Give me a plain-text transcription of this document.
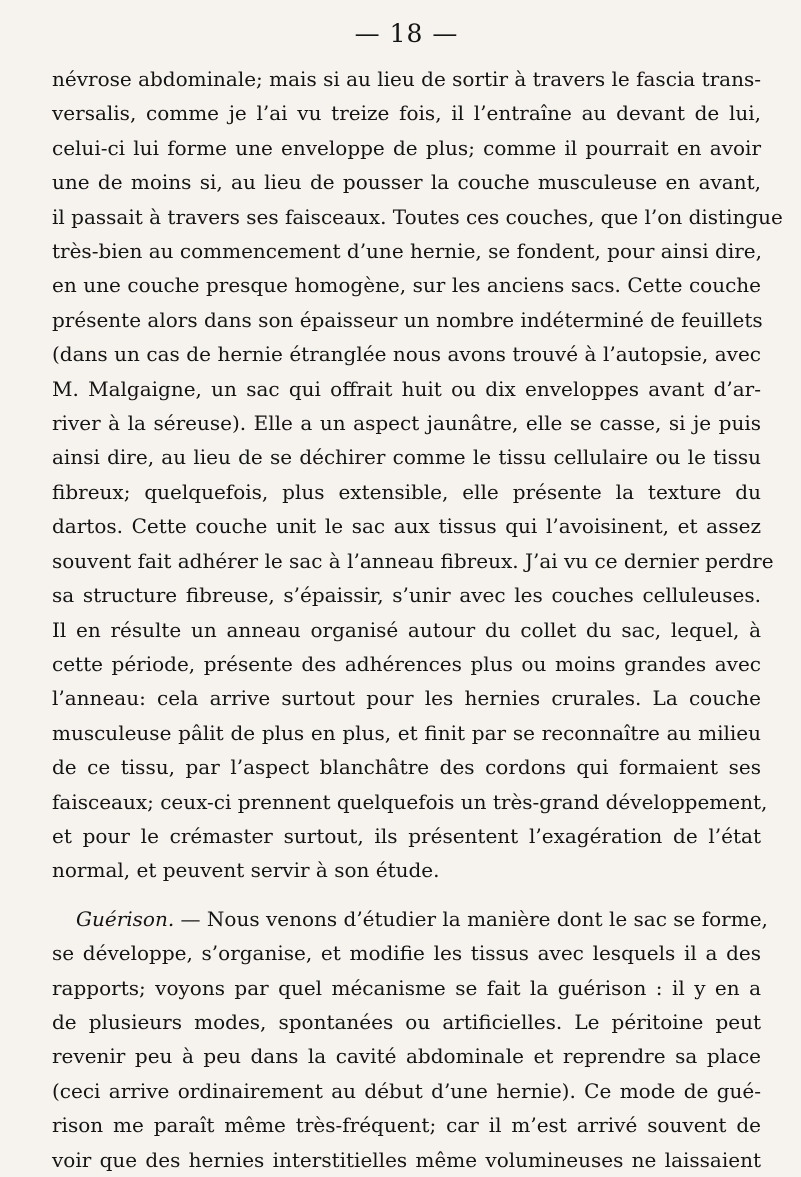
— 18 —

névrose abdominale; mais si au lieu de sortir à travers le fascia trans-
versalis, comme je l’ai vu treize fois, il l’entraîne au devant de lui,
celui-ci lui forme une enveloppe de plus; comme il pourrait en avoir
une de moins si, au lieu de pousser la couche musculeuse en avant,
il passait à travers ses faisceaux. Toutes ces couches, que l’on distingue
très-bien au commencement d’une hernie, se fondent, pour ainsi dire,
en une couche presque homogène, sur les anciens sacs. Cette couche
présente alors dans son épaisseur un nombre indéterminé de feuillets
(dans un cas de hernie étranglée nous avons trouvé à l’autopsie, avec
M. Malgaigne, un sac qui offrait huit ou dix enveloppes avant d’ar-
river à la séreuse). Elle a un aspect jaunâtre, elle se casse, si je puis
ainsi dire, au lieu de se déchirer comme le tissu cellulaire ou le tissu
fibreux; quelquefois, plus extensible, elle présente la texture du
dartos. Cette couche unit le sac aux tissus qui l’avoisinent, et assez
souvent fait adhérer le sac à l’anneau fibreux. J’ai vu ce dernier perdre
sa structure fibreuse, s’épaissir, s’unir avec les couches celluleuses.
Il en résulte un anneau organisé autour du collet du sac, lequel, à
cette période, présente des adhérences plus ou moins grandes avec
l’anneau: cela arrive surtout pour les hernies crurales. La couche
musculeuse pâlit de plus en plus, et finit par se reconnaître au milieu
de ce tissu, par l’aspect blanchâtre des cordons qui formaient ses
faisceaux; ceux-ci prennent quelquefois un très-grand développement,
et pour le crémaster surtout, ils présentent l’exagération de l’état
normal, et peuvent servir à son étude.

Guérison. — Nous venons d’étudier la manière dont le sac se forme,
se développe, s’organise, et modifie les tissus avec lesquels il a des
rapports; voyons par quel mécanisme se fait la guérison : il y en a
de plusieurs modes, spontanées ou artificielles. Le péritoine peut
revenir peu à peu dans la cavité abdominale et reprendre sa place
(ceci arrive ordinairement au début d’une hernie). Ce mode de gué-
rison me paraît même très-fréquent; car il m’est arrivé souvent de
voir que des hernies interstitielles même volumineuses ne laissaient
